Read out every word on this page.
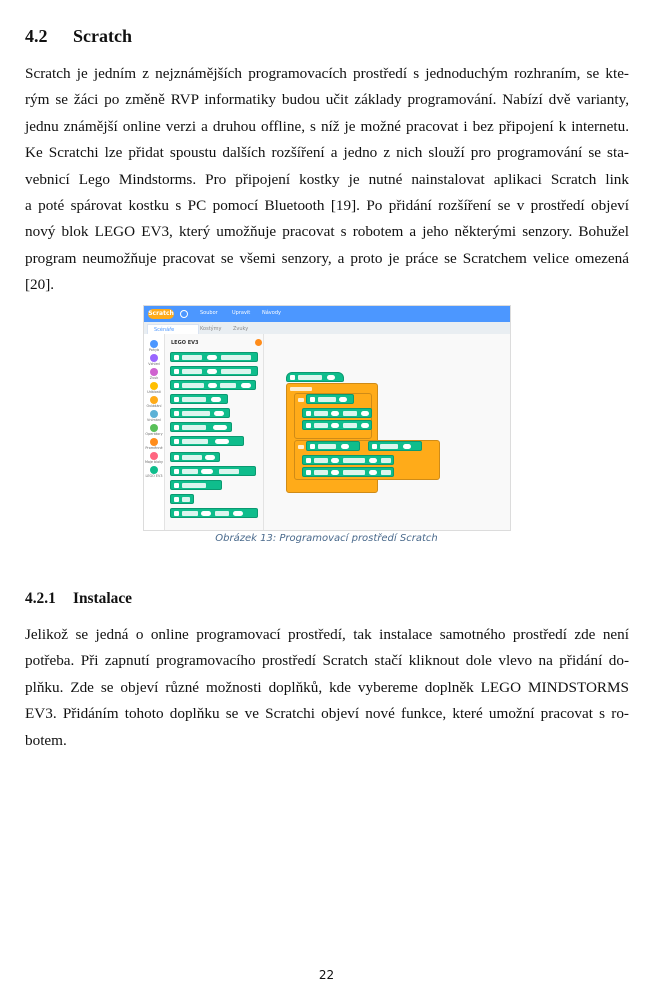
4.2 Scratch
Scratch je jedním z nejznámějších programovacích prostředí s jednoduchým rozhraním, se kte-
rým se žáci po změně RVP informatiky budou učit základy programování. Nabízí dvě varianty,
jednu známější online verzi a druhou offline, s níž je možné pracovat i bez připojení k internetu.
Ke Scratchi lze přidat spoustu dalších rozšíření a jedno z nich slouží pro programování se sta-
vebnicí Lego Mindstorms. Pro připojení kostky je nutné nainstalovat aplikaci Scratch link
a poté spárovat kostku s PC pomocí Bluetooth [19]. Po přidání rozšíření se v prostředí objeví
nový blok LEGO EV3, který umožňuje pracovat s robotem a jeho některými senzory. Bohužel
program neumožňuje pracovat se všemi senzory, a proto je práce se Scratchem velice omezená
[20].
Scratch	Soubor	Upravit Návody
Scénáře	Kostýmy	Zvuky
Pohyb
Vzhled
Zvuk
Události
Ovládání
Vnímání
Operátory
Proměnné
Moje bloky
LEGO EV3
LEGO EV3
Obrázek 13: Programovací prostředí Scratch
4.2.1 Instalace
Jelikož se jedná o online programovací prostředí, tak instalace samotného prostředí zde není
potřeba. Při zapnutí programovacího prostředí Scratch stačí kliknout dole vlevo na přidání do-
plňku. Zde se objeví různé možnosti doplňků, kde vybereme doplněk LEGO MINDSTORMS
EV3. Přidáním tohoto doplňku se ve Scratchi objeví nové funkce, které umožní pracovat s ro-
botem.
22
